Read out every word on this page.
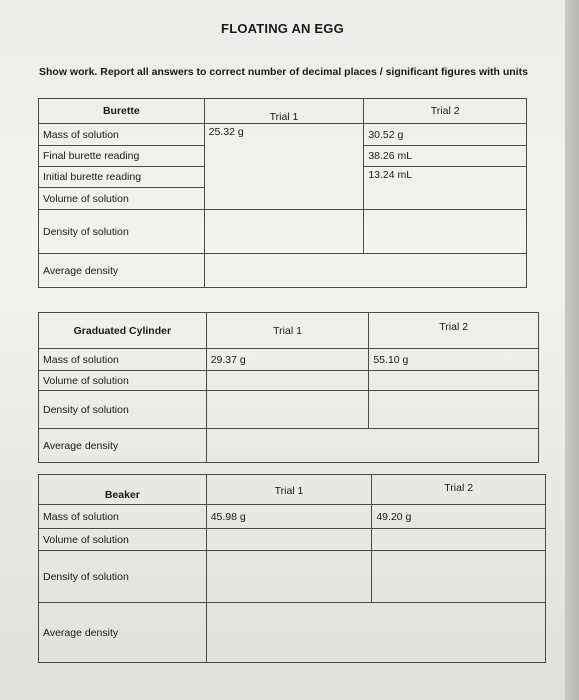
FLOATING AN EGG
Show work. Report all answers to correct number of decimal places / significant figures with units
Burette	Trial 1	Trial 2

Mass of solution	25.32 g	30.52 g
Final burette reading		38.26 mL
Initial burette reading		13.24 mL
Volume of solution		
Density of solution		
Average density		
Graduated Cylinder	Trial 1	Trial 2
Mass of solution	29.37 g	55.10 g
Volume of solution		
Density of solution		
Average density		
Beaker	Trial 1	Trial 2
Mass of solution	45.98 g	49.20 g
Volume of solution		
Density of solution		
Average density		
